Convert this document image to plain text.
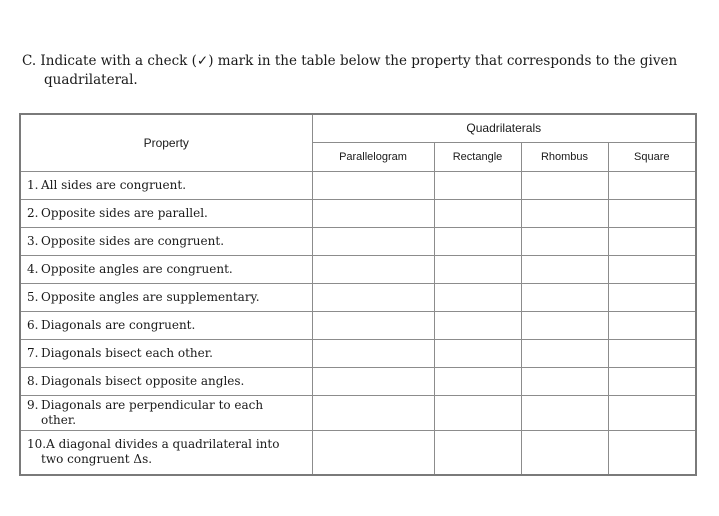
C. Indicate with a check (✓) mark in the table below the property that corresponds to the given
quadrilateral.
Property	Quadrilaterals			
	Parallelogram	Rectangle	Rhombus	Square
1. All sides are congruent.				
2. Opposite sides are parallel.				
3. Opposite sides are congruent.				
4. Opposite angles are congruent.				
5. Opposite angles are supplementary.				
6. Diagonals are congruent.				
7. Diagonals bisect each other.				
8. Diagonals bisect opposite angles.				
9. Diagonals are perpendicular to each
other.				

10.A diagonal divides a quadrilateral into
two congruent Δs.				
